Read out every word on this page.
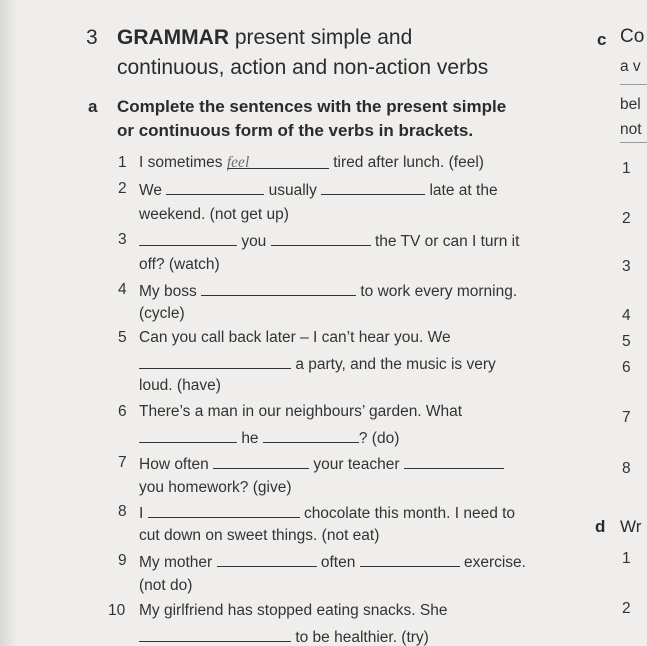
3 GRAMMAR present simple and
continuous, action and non-action verbs
a Complete the sentences with the present simple
or continuous form of the verbs in brackets.
1 I sometimes feel	tired after lunch. (feel)
2 We	usually	late at the
weekend. (not get up)
3	you	the TV or can I turn it
off? (watch)
4 My boss	to work every morning.
(cycle)
5 Can you call back later – I can’t hear you. We
a party, and the music is very
loud. (have)
6 There’s a man in our neighbours’ garden. What
he	? (do)
7 How often	your teacher
you homework? (give)
8 I	chocolate this month. I need to
cut down on sweet things. (not eat)
9 My mother	often	exercise.
(not do)
10 My girlfriend has stopped eating snacks. She
to be healthier. (try)
c Co
a v
bel
not
1
2
3
4
5
6
7
8
d Wr
1
2
